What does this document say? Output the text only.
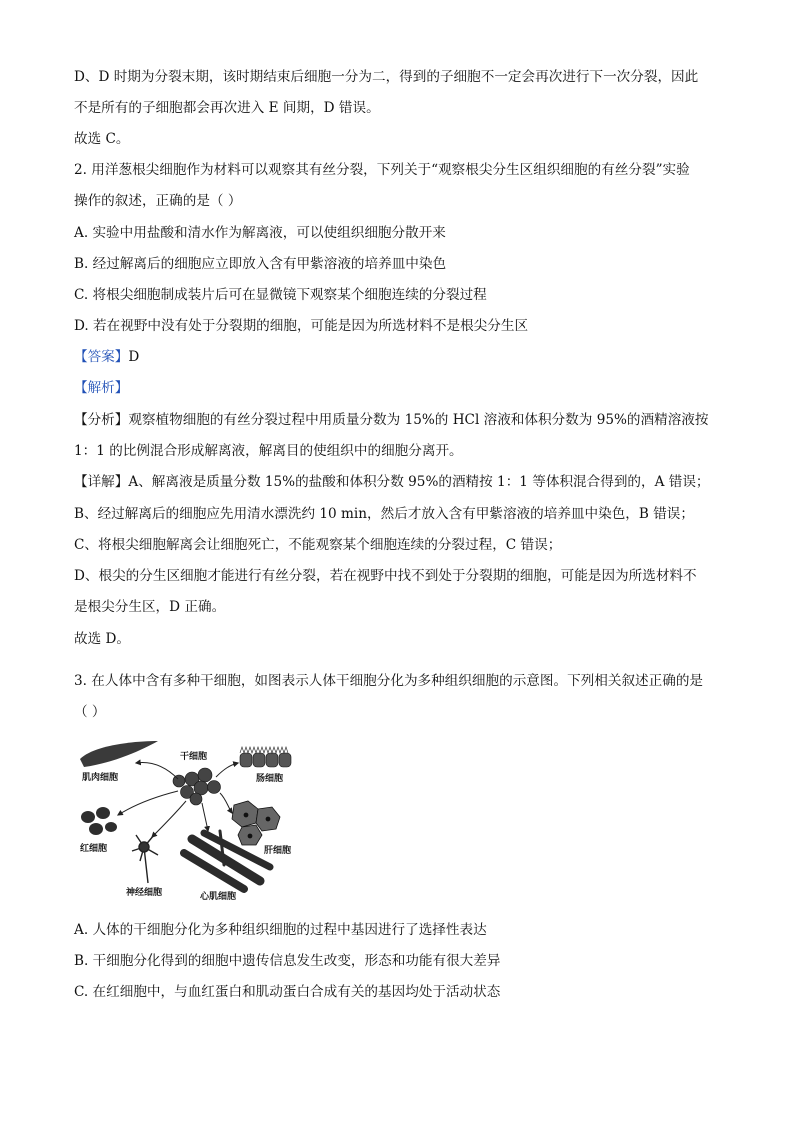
D、D 时期为分裂末期，该时期结束后细胞一分为二，得到的子细胞不一定会再次进行下一次分裂，因此
不是所有的子细胞都会再次进入 E 间期，D 错误。
故选 C。
2. 用洋葱根尖细胞作为材料可以观察其有丝分裂，下列关于“观察根尖分生区组织细胞的有丝分裂”实验
操作的叙述，正确的是（ ）
A. 实验中用盐酸和清水作为解离液，可以使组织细胞分散开来
B. 经过解离后的细胞应立即放入含有甲紫溶液的培养皿中染色
C. 将根尖细胞制成装片后可在显微镜下观察某个细胞连续的分裂过程
D. 若在视野中没有处于分裂期的细胞，可能是因为所选材料不是根尖分生区
【答案】D
【解析】
【分析】观察植物细胞的有丝分裂过程中用质量分数为 15%的 HCl 溶液和体积分数为 95%的酒精溶液按
1：1 的比例混合形成解离液，解离目的使组织中的细胞分离开。
【详解】A、解离液是质量分数 15%的盐酸和体积分数 95%的酒精按 1：1 等体积混合得到的，A 错误；
B、经过解离后的细胞应先用清水漂洗约 10 min，然后才放入含有甲紫溶液的培养皿中染色，B 错误；
C、将根尖细胞解离会让细胞死亡，不能观察某个细胞连续的分裂过程，C 错误；
D、根尖的分生区细胞才能进行有丝分裂，若在视野中找不到处于分裂期的细胞，可能是因为所选材料不
是根尖分生区，D 正确。
故选 D。
3. 在人体中含有多种干细胞，如图表示人体干细胞分化为多种组织细胞的示意图。下列相关叙述正确的是
（ ）
肌肉细胞
干细胞
肠细胞
红细胞	肝细胞
神经细胞	心肌细胞
A. 人体的干细胞分化为多种组织细胞的过程中基因进行了选择性表达
B. 干细胞分化得到的细胞中遗传信息发生改变，形态和功能有很大差异
C. 在红细胞中，与血红蛋白和肌动蛋白合成有关的基因均处于活动状态
